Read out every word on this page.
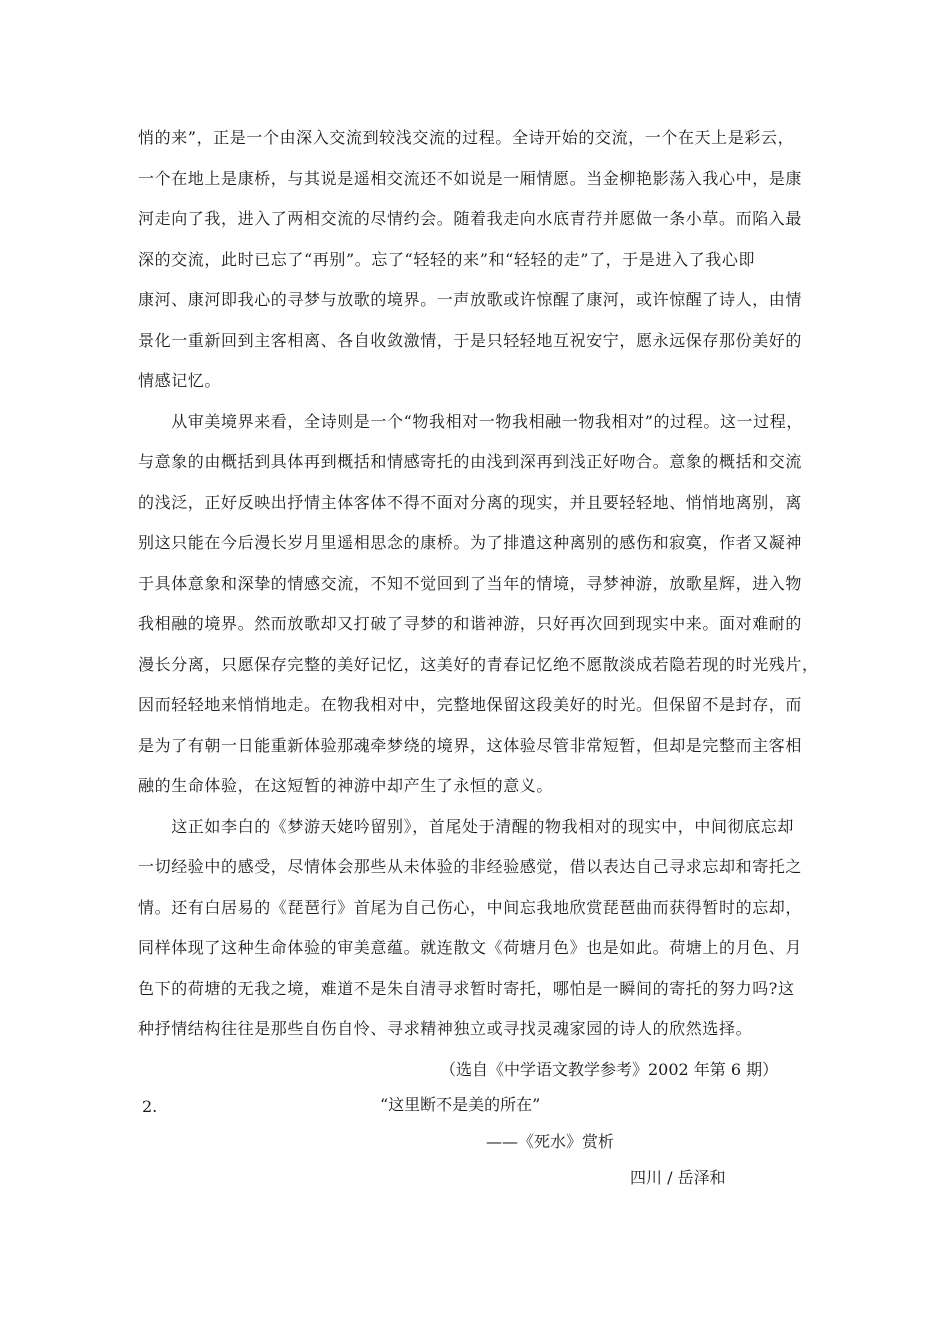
悄的来”，正是一个由深入交流到较浅交流的过程。全诗开始的交流，一个在天上是彩云，
一个在地上是康桥，与其说是遥相交流还不如说是一厢情愿。当金柳艳影荡入我心中，是康
河走向了我，进入了两相交流的尽情约会。随着我走向水底青荇并愿做一条小草。而陷入最
深的交流，此时已忘了“再别”。忘了“轻轻的来”和“轻轻的走”了，于是进入了我心即
康河、康河即我心的寻梦与放歌的境界。一声放歌或许惊醒了康河，或许惊醒了诗人，由情
景化一重新回到主客相离、各自收敛激情，于是只轻轻地互祝安宁，愿永远保存那份美好的
情感记忆。
　　从审美境界来看，全诗则是一个“物我相对一物我相融一物我相对”的过程。这一过程，
与意象的由概括到具体再到概括和情感寄托的由浅到深再到浅正好吻合。意象的概括和交流
的浅泛，正好反映出抒情主体客体不得不面对分离的现实，并且要轻轻地、悄悄地离别，离
别这只能在今后漫长岁月里遥相思念的康桥。为了排遣这种离别的感伤和寂寞，作者又凝神
于具体意象和深挚的情感交流，不知不觉回到了当年的情境，寻梦神游，放歌星辉，进入物
我相融的境界。然而放歌却又打破了寻梦的和谐神游，只好再次回到现实中来。面对难耐的
漫长分离，只愿保存完整的美好记忆，这美好的青春记忆绝不愿散淡成若隐若现的时光残片，
因而轻轻地来悄悄地走。在物我相对中，完整地保留这段美好的时光。但保留不是封存，而
是为了有朝一日能重新体验那魂牵梦绕的境界，这体验尽管非常短暂，但却是完整而主客相
融的生命体验，在这短暂的神游中却产生了永恒的意义。
　　这正如李白的《梦游天姥吟留别》，首尾处于清醒的物我相对的现实中，中间彻底忘却
一切经验中的感受，尽情体会那些从未体验的非经验感觉，借以表达自己寻求忘却和寄托之
情。还有白居易的《琵琶行》首尾为自己伤心，中间忘我地欣赏琵琶曲而获得暂时的忘却，
同样体现了这种生命体验的审美意蕴。就连散文《荷塘月色》也是如此。荷塘上的月色、月
色下的荷塘的无我之境，难道不是朱自清寻求暂时寄托，哪怕是一瞬间的寄托的努力吗?这
种抒情结构往往是那些自伤自怜、寻求精神独立或寻找灵魂家园的诗人的欣然选择。
（选自《中学语文教学参考》2002 年第 6 期）
2.	“这里断不是美的所在”
——《死水》赏析
四川 / 岳泽和
